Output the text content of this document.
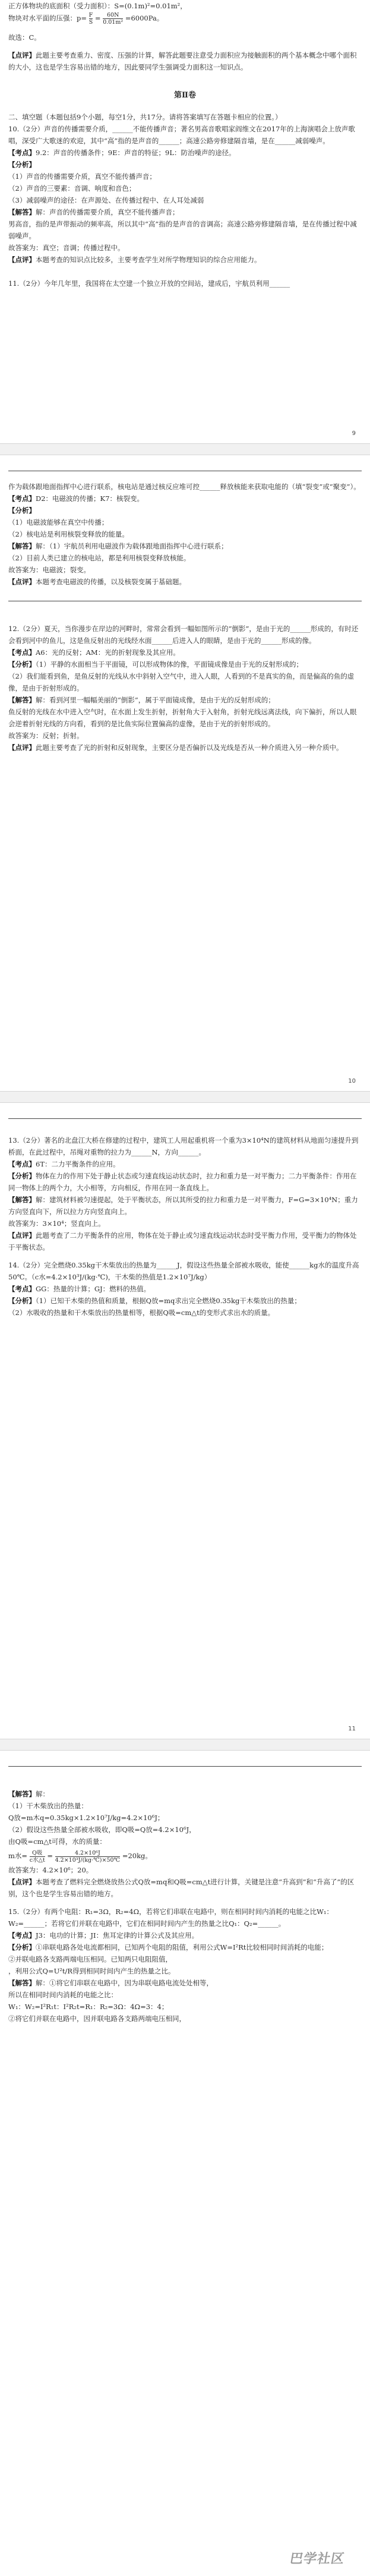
正方体物块的底面积（受力面积）：S=(0.1m)²=0.01m²，

物块对水平面的压强：$p= \frac{F}{S} = \frac{60N}{\text{0.01m²}} =6000Pa$。

故选：C。

【点评】此题主要考查重力、密度、压强的计算，解答此题要注意受力面积应为接触面积的两个基本概念中哪个面积的大小，这也是学生容易出错的地方，因此要同学生强调受力面积这一知识点。

第Ⅱ卷

二、填空题（本题包括9个小题，每空1分，共17分。请将答案填写在答题卡相应的位置。）

10.（2分）声音的传播需要介质，______不能传播声音；著名男高音歌唱家阎维文在2017年的上海演唱会上放声歌唱，深受广大歌迷的欢迎，其中“高”指的是声音的______；高速公路旁修建隔音墙，是在______减弱噪声。

【考点】9.2：声音的传播条件；9E：声音的特征；9L：防治噪声的途径。

【分析】

（1）声音的传播需要介质，真空不能传播声音；

（2）声音的三要素：音调、响度和音色；

（3）减弱噪声的途径：在声源处、在传播过程中、在人耳处减弱

【解答】解：声音的传播需要介质，真空不能传播声音；

男高音，指的是声带振动的频率高，所以其中“高”指的是声音的音调高；高速公路旁修建隔音墙，是在传播过程中减弱噪声。

故答案为：真空；音调；传播过程中。

【点评】本题考查的知识点比较多，主要考查学生对所学物理知识的综合应用能力。

11.（2分）今年几年里，我国将在太空建一个独立开放的空间站，建成后，宇航员利用______

9

作为载体跟地面指挥中心进行联系，核电站是通过核反应堆可控______释放核能来获取电能的（填“裂变”或“聚变”）。

【考点】D2：电磁波的传播；K7：核裂变。

【分析】

（1）电磁波能够在真空中传播；

（2）核电站是利用核裂变释放的能量。

【解答】解：（1）宇航员利用电磁波作为载体跟地面指挥中心进行联系；

（2）目前人类已建立的核电站，都是利用核裂变释放核能。

故答案为：电磁波；裂变。

【点评】本题考查电磁波的传播，以及核裂变属于基础题。

12.（2分）夏天，当你漫步在岸边的河畔时，常常会看到一幅如图所示的“倒影”，是由于光的______形成的，有时还会看到河中的鱼儿，这是鱼反射出的光线经水面______后进入人的眼睛，是由于光的______形成的像。

【考点】A6：光的反射；AM：光的折射现象及其应用。

【分析】（1）平静的水面相当于平面镜，可以形成物体的像，平面镜成像是由于光的反射形成的；

（2）我们能看到鱼，是鱼反射的光线从水中斜射入空气中，进入人眼，人看到的不是真实的鱼，而是偏高的鱼的虚像，是由于折射形成的。

【解答】解：看到河里一幅幅美丽的“倒影”，属于平面镜成像，是由于光的反射形成的；

鱼反射的光线在水中进入空气时，在水面上发生折射，折射角大于入射角，折射光线远离法线，向下偏折，所以人眼会逆着折射光线的方向看，看到的是比鱼实际位置偏高的虚像，是由于光的折射形成的。

故答案为：反射；折射。

【点评】此题主要考查了光的折射和反射现象，主要区分是否偏折以及光线是否从一种介质进入另一种介质中。

10

13.（2分）著名的北盘江大桥在修建的过程中，建筑工人用起重机将一个重为3×10⁴N的建筑材料从地面匀速提升到桥面，在此过程中，吊绳对重物的拉力为______N，方向______。

【考点】6T：二力平衡条件的应用。

【分析】物体在力的作用下处于静止状态或匀速直线运动状态时，拉力和重力是一对平衡力；二力平衡条件：作用在同一物体上的两个力，大小相等，方向相反，作用在同一条直线上。

【解答】解：建筑材料被匀速提起，处于平衡状态，所以其所受的拉力和重力是一对平衡力，F=G=3×10⁴N；重力方向竖直向下，所以拉力方向竖直向上。

故答案为：3×10⁴；竖直向上。

【点评】此题考查了二力平衡条件的应用，物体在处于静止或匀速直线运动状态时受平衡力作用，受平衡力的物体处于平衡状态。

14.（2分）完全燃烧0.35kg干木柴放出的热量为______J，假设这些热量全部被水吸收，能使______kg水的温度升高50℃。（c水=4.2×10³J/(kg·℃)，干木柴的热值是1.2×10⁷J/kg）

【考点】GG：热量的计算；GJ：燃料的热值。

【分析】（1）已知干木柴的热值和质量，根据Q放=mq求出完全燃烧0.35kg干木柴放出的热量；

（2）水吸收的热量和干木柴放出的热量相等，根据Q吸=cm△t的变形式求出水的质量。

11

【解答】解：

（1）干木柴放出的热量：

Q放=m木q=0.35kg×1.2×10⁷J/kg=4.2×10⁶J；

（2）假设这些热量全部被水吸收，即Q吸=Q放=4.2×10⁶J，

由Q吸=cm△t可得，水的质量：

m水= $\frac{\text{Q吸}}{\text{c水△t}} = \frac{\text{4.2×10⁶J}}{\text{4.2×10³J/(kg·℃)×50℃}} =20kg$。

故答案为：4.2×10⁶；20。

【点评】本题考查了燃料完全燃烧放热公式Q放=mq和Q吸=cm△t进行计算，关键是注意“升高到”和“升高了”的区别，这个也是学生容易出错的地方。

15.（2分）有两个电阻：R₁=3Ω，R₂=4Ω，若将它们串联在电路中，则在相同时间内消耗的电能之比W₁：W₂=______；若将它们并联在电路中，它们在相同时间内产生的热量之比Q₁：Q₂=______。

【考点】J3：电功的计算；JI：焦耳定律的计算公式及其应用。

【分析】①串联电路各处电流都相同，已知两个电阻的阻值，利用公式W=I²Rt比较相同时间消耗的电能；

②并联电路各支路两端电压相同。已知两只电阻阻值，

，利用公式Q=U²t/R得到相同时间内产生的热量之比。

【解答】解：①将它们串联在电路中，因为串联电路电流处处相等，

所以在相同时间内消耗的电能之比：

W₁：W₂=I²R₁t：I²R₂t=R₁：R₂=3Ω：4Ω=3：4；

②将它们并联在电路中，因并联电路各支路两端电压相同，

巴学社区
